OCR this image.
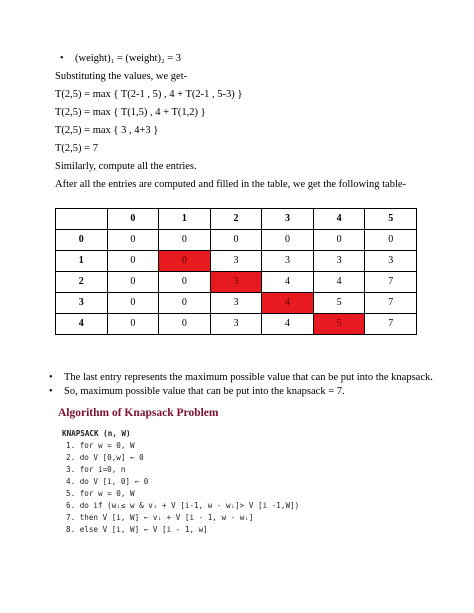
• (weight)₁ = (weight)₂ = 3
Substituting the values, we get-
T(2,5) = max { T(2-1 , 5) , 4 + T(2-1 , 5-3) }
T(2,5) = max { T(1,5) , 4 + T(1,2) }
T(2,5) = max { 3 , 4+3 }
T(2,5) = 7
Similarly, compute all the entries.
After all the entries are computed and filled in the table, we get the following table-
	0	1	2	3	4	5
0	0	0	0	0	0	0
1	0	0	3	3	3	3
2	0	0	3	4	4	7
3	0	0	3	4	5	7
4	0	0	3	4	5	7
• The last entry represents the maximum possible value that can be put into the knapsack.
• So, maximum possible value that can be put into the knapsack = 7.
Algorithm of Knapsack Problem
KNAPSACK (n, W)
1. for w = 0, W
2. do V [0,w] ← 0
3. for i=0, n
4. do V [i, 0] ← 0
5. for w = 0, W
6. do if (wᵢ≤ w & vᵢ + V [i-1, w - wᵢ]> V [i -1,W])
7. then V [i, W] ← vᵢ + V [i - 1, w - wᵢ]
8. else V [i, W] ← V [i - 1, w]
